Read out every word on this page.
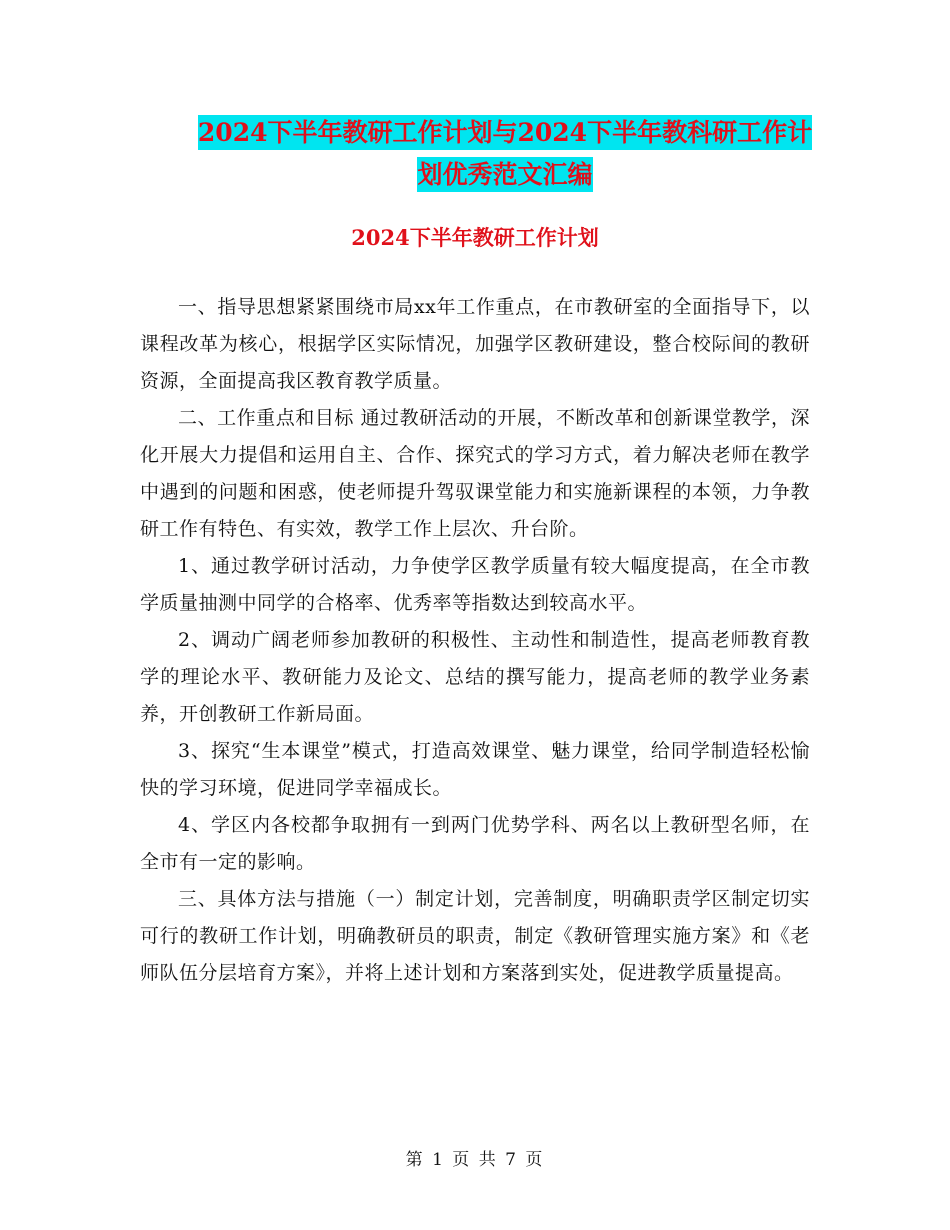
2024下半年教研工作计划与2024下半年教科研工作计
划优秀范文汇编
2024下半年教研工作计划

一、指导思想紧紧围绕市局xx年工作重点，在市教研室的全面指导下，以课程改革为核心，根据学区实际情况，加强学区教研建设，整合校际间的教研资源，全面提高我区教育教学质量。

二、工作重点和目标 通过教研活动的开展，不断改革和创新课堂教学，深化开展大力提倡和运用自主、合作、探究式的学习方式，着力解决老师在教学中遇到的问题和困惑，使老师提升驾驭课堂能力和实施新课程的本领，力争教研工作有特色、有实效，教学工作上层次、升台阶。

1、通过教学研讨活动，力争使学区教学质量有较大幅度提高，在全市教学质量抽测中同学的合格率、优秀率等指数达到较高水平。

2、调动广阔老师参加教研的积极性、主动性和制造性，提高老师教育教学的理论水平、教研能力及论文、总结的撰写能力，提高老师的教学业务素养，开创教研工作新局面。

3、探究“生本课堂”模式，打造高效课堂、魅力课堂，给同学制造轻松愉快的学习环境，促进同学幸福成长。

4、学区内各校都争取拥有一到两门优势学科、两名以上教研型名师，在全市有一定的影响。

三、具体方法与措施（一）制定计划，完善制度，明确职责学区制定切实可行的教研工作计划，明确教研员的职责，制定《教研管理实施方案》和《老师队伍分层培育方案》，并将上述计划和方案落到实处，促进教学质量提高。

第 1 页 共 7 页
